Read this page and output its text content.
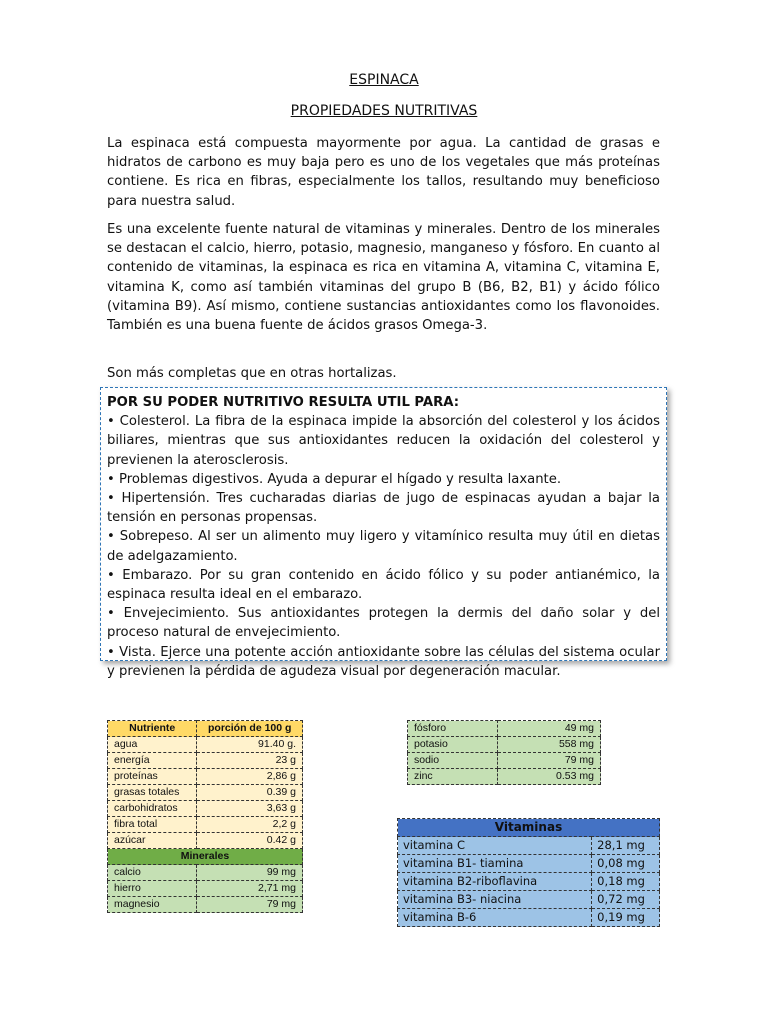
ESPINACA
PROPIEDADES NUTRITIVAS

La espinaca está compuesta mayormente por agua. La cantidad de grasas e hidratos de carbono es muy baja pero es uno de los vegetales que más proteínas contiene. Es rica en fibras, especialmente los tallos, resultando muy beneficioso para nuestra salud.

Es una excelente fuente natural de vitaminas y minerales. Dentro de los minerales se destacan el calcio, hierro, potasio, magnesio, manganeso y fósforo. En cuanto al contenido de vitaminas, la espinaca es rica en vitamina A, vitamina C, vitamina E, vitamina K, como así también vitaminas del grupo B (B6, B2, B1) y ácido fólico (vitamina B9). Así mismo, contiene sustancias antioxidantes como los flavonoides. También es una buena fuente de ácidos grasos Omega-3.

Son más completas que en otras hortalizas.

POR SU PODER NUTRITIVO RESULTA UTIL PARA:

• Colesterol. La fibra de la espinaca impide la absorción del colesterol y los ácidos biliares, mientras que sus antioxidantes reducen la oxidación del colesterol y previenen la aterosclerosis.

• Problemas digestivos. Ayuda a depurar el hígado y resulta laxante.

• Hipertensión. Tres cucharadas diarias de jugo de espinacas ayudan a bajar la tensión en personas propensas.

• Sobrepeso. Al ser un alimento muy ligero y vitamínico resulta muy útil en dietas de adelgazamiento.

• Embarazo. Por su gran contenido en ácido fólico y su poder antianémico, la espinaca resulta ideal en el embarazo.

• Envejecimiento. Sus antioxidantes protegen la dermis del daño solar y del proceso natural de envejecimiento.

• Vista. Ejerce una potente acción antioxidante sobre las células del sistema ocular y previenen la pérdida de agudeza visual por degeneración macular.

Nutriente	porción de 100 g
agua	91.40 g.
energía	23 g
proteínas	2,86 g
grasas totales	0.39 g
carbohidratos	3,63 g
fibra total	2,2 g
azúcar	0.42 g
Minerales	
calcio	99 mg
hierro	2,71 mg
magnesio	79 mg
fósforo	49 mg
potasio	558 mg
sodio	79 mg
zinc	0.53 mg
Vitaminas	
vitamina C	28,1 mg
vitamina B1- tiamina	0,08 mg
vitamina B2-riboflavina	0,18 mg
vitamina B3- niacina	0,72 mg
vitamina B-6	0,19 mg
